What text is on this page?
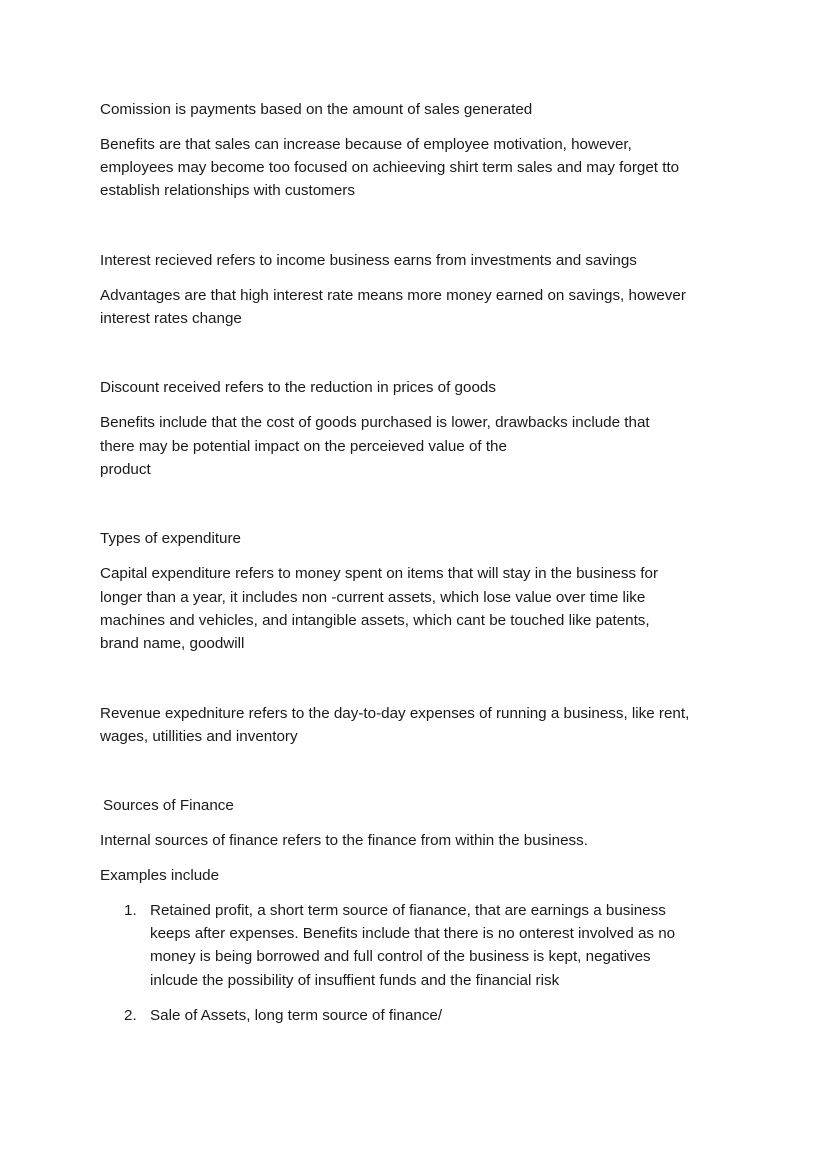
Comission is payments based on the amount of sales generated

Benefits are that sales can increase because of employee motivation, however,
employees may become too focused on achieeving shirt term sales and may forget tto
establish relationships with customers

Interest recieved refers to income business earns from investments and savings

Advantages are that high interest rate means more money earned on savings, however
interest rates change

Discount received refers to the reduction in prices of goods

Benefits include that the cost of goods purchased is lower, drawbacks include that
there may be potential impact on the perceieved value of the
product

Types of expenditure

Capital expenditure refers to money spent on items that will stay in the business for
longer than a year, it includes non -current assets, which lose value over time like
machines and vehicles, and intangible assets, which cant be touched like patents,
brand name, goodwill

Revenue expedniture refers to the day-to-day expenses of running a business, like rent,
wages, utillities and inventory

Sources of Finance

Internal sources of finance refers to the finance from within the business.

Examples include

1. Retained profit, a short term source of fianance, that are earnings a business
keeps after expenses. Benefits include that there is no onterest involved as no
money is being borrowed and full control of the business is kept, negatives
inlcude the possibility of insuffient funds and the financial risk
2. Sale of Assets, long term source of finance/
